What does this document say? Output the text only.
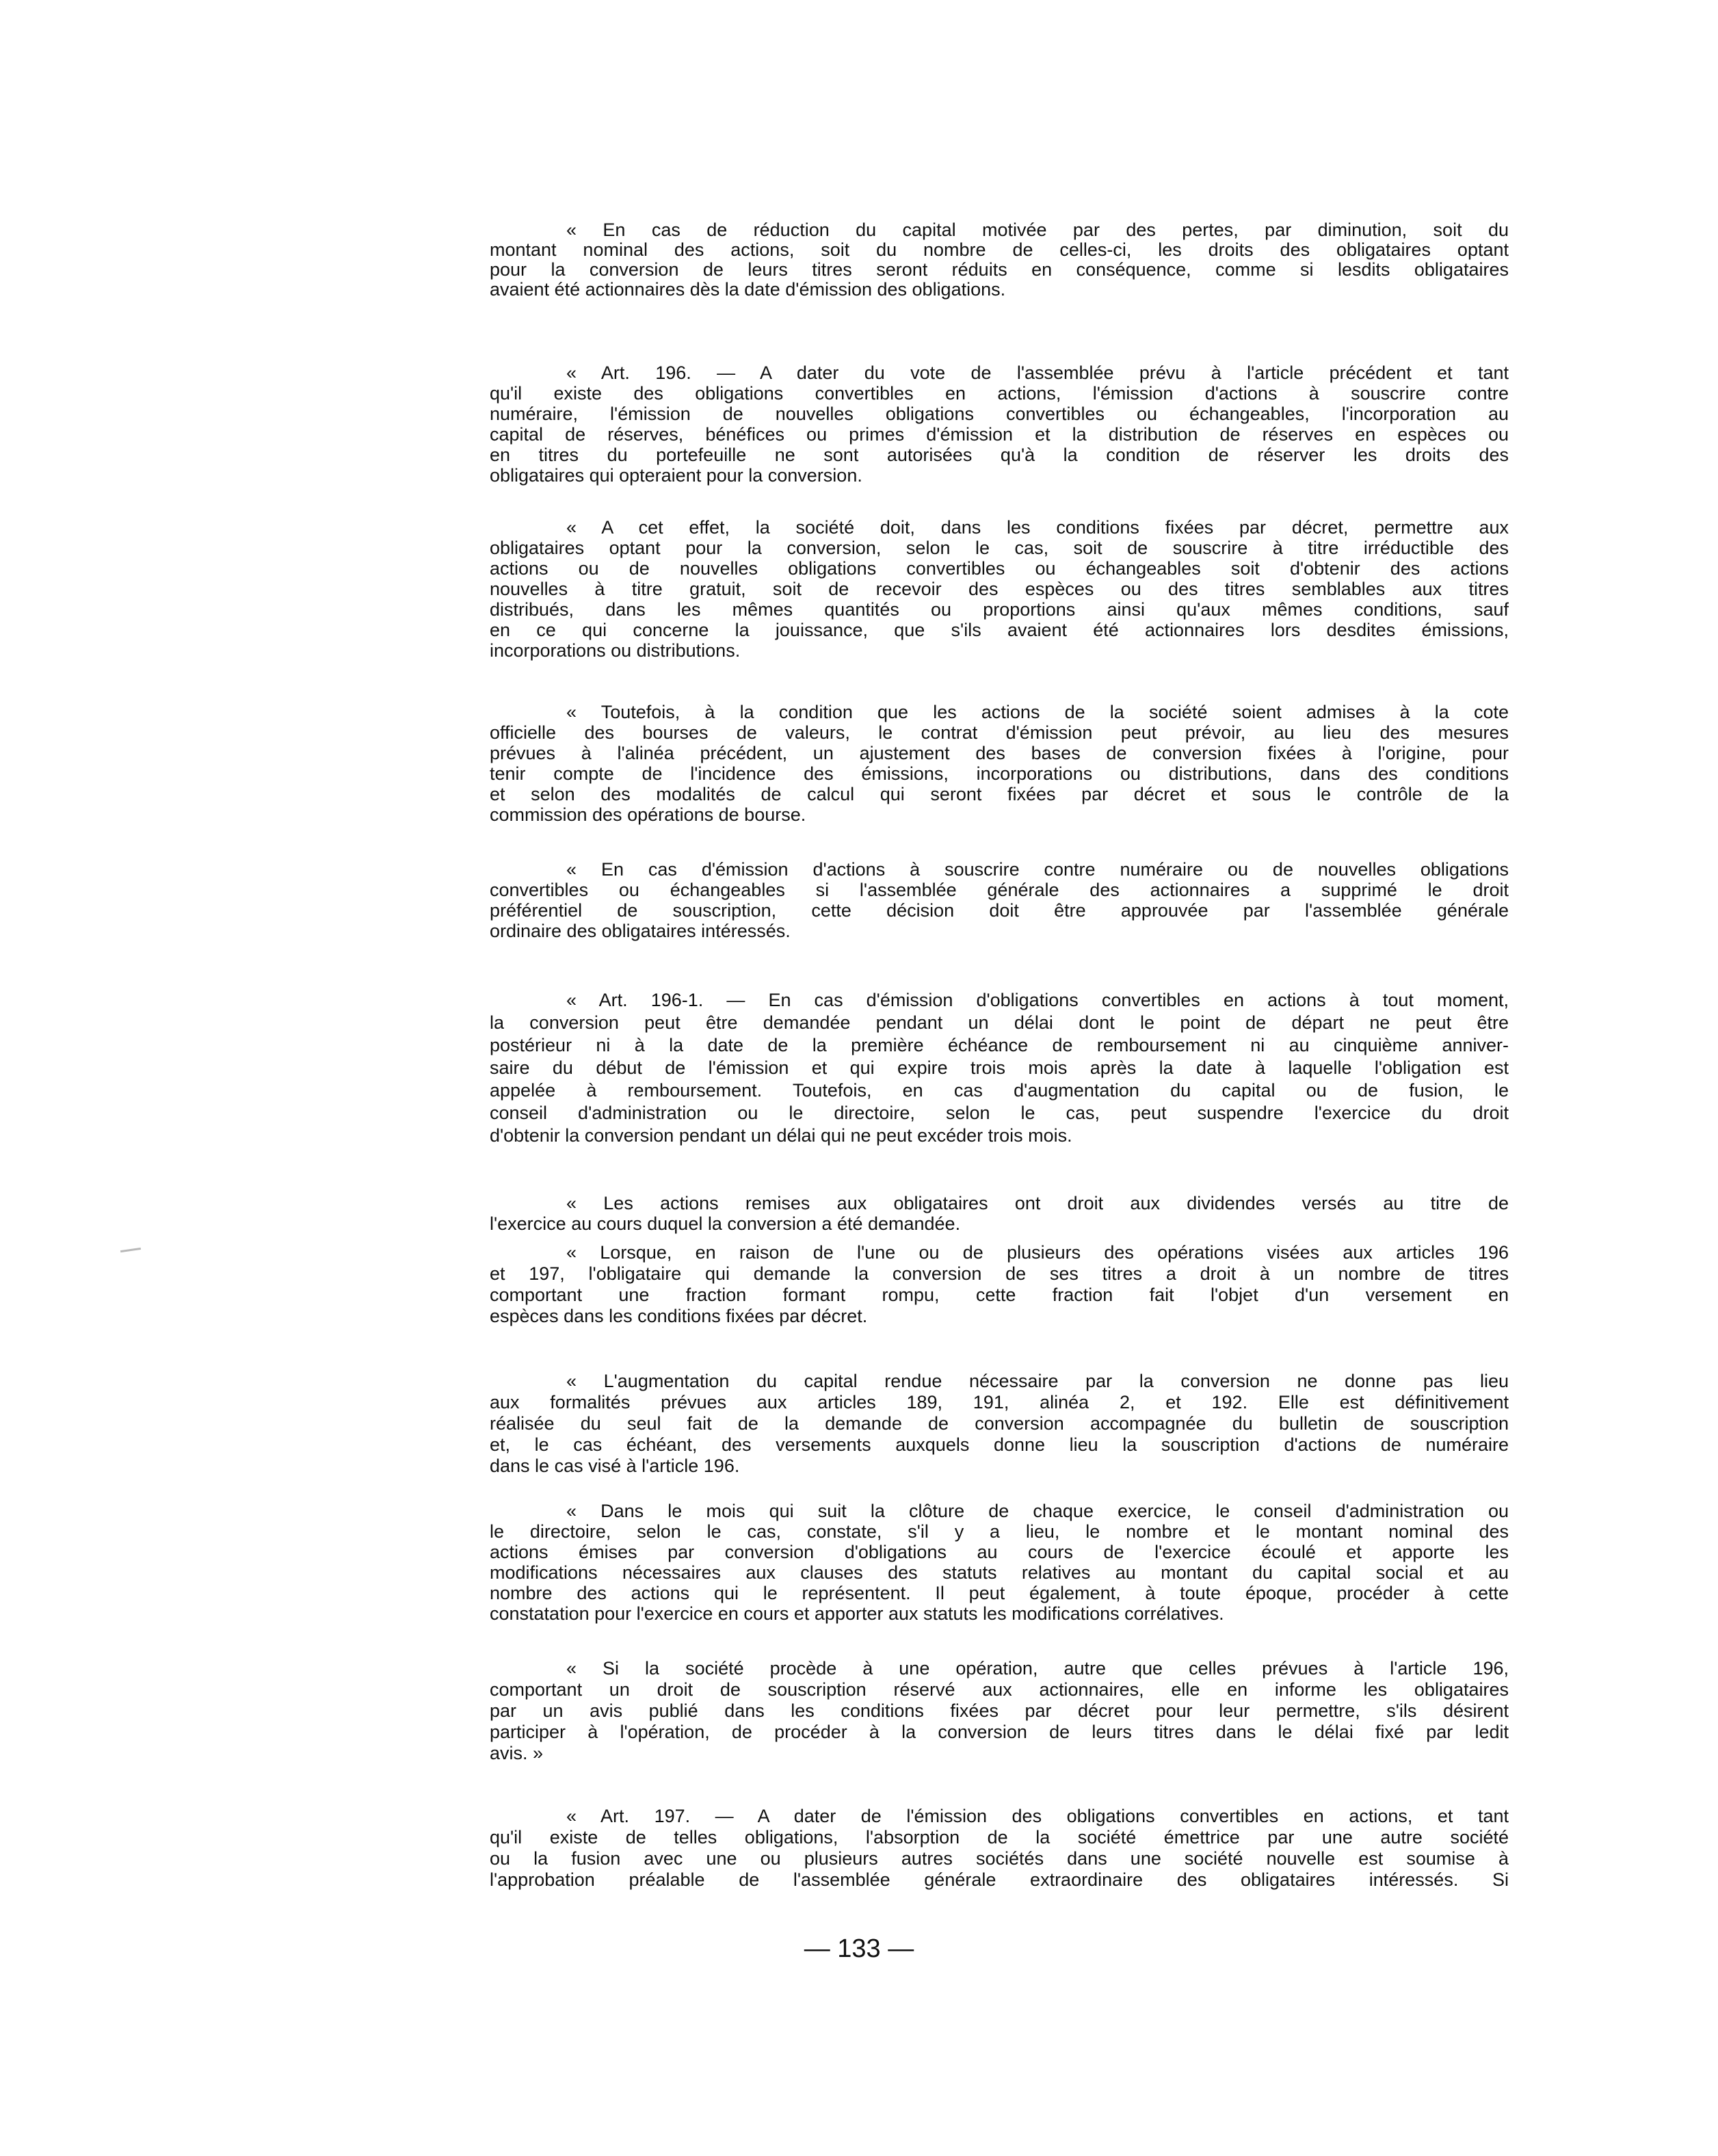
« En cas de réduction du capital motivée par des pertes, par diminution, soit du
montant nominal des actions, soit du nombre de celles-ci, les droits des obligataires optant
pour la conversion de leurs titres seront réduits en conséquence, comme si lesdits obligataires
avaient été actionnaires dès la date d'émission des obligations.
« Art. 196. — A dater du vote de l'assemblée prévu à l'article précédent et tant
qu'il existe des obligations convertibles en actions, l'émission d'actions à souscrire contre
numéraire, l'émission de nouvelles obligations convertibles ou échangeables, l'incorporation au
capital de réserves, bénéfices ou primes d'émission et la distribution de réserves en espèces ou
en titres du portefeuille ne sont autorisées qu'à la condition de réserver les droits des
obligataires qui opteraient pour la conversion.
« A cet effet, la société doit, dans les conditions fixées par décret, permettre aux
obligataires optant pour la conversion, selon le cas, soit de souscrire à titre irréductible des
actions ou de nouvelles obligations convertibles ou échangeables soit d'obtenir des actions
nouvelles à titre gratuit, soit de recevoir des espèces ou des titres semblables aux titres
distribués, dans les mêmes quantités ou proportions ainsi qu'aux mêmes conditions, sauf
en ce qui concerne la jouissance, que s'ils avaient été actionnaires lors desdites émissions,
incorporations ou distributions.
« Toutefois, à la condition que les actions de la société soient admises à la cote
officielle des bourses de valeurs, le contrat d'émission peut prévoir, au lieu des mesures
prévues à l'alinéa précédent, un ajustement des bases de conversion fixées à l'origine, pour
tenir compte de l'incidence des émissions, incorporations ou distributions, dans des conditions
et selon des modalités de calcul qui seront fixées par décret et sous le contrôle de la
commission des opérations de bourse.
« En cas d'émission d'actions à souscrire contre numéraire ou de nouvelles obligations
convertibles ou échangeables si l'assemblée générale des actionnaires a supprimé le droit
préférentiel de souscription, cette décision doit être approuvée par l'assemblée générale
ordinaire des obligataires intéressés.
« Art. 196-1. — En cas d'émission d'obligations convertibles en actions à tout moment,
la conversion peut être demandée pendant un délai dont le point de départ ne peut être
postérieur ni à la date de la première échéance de remboursement ni au cinquième anniver-
saire du début de l'émission et qui expire trois mois après la date à laquelle l'obligation est
appelée à remboursement. Toutefois, en cas d'augmentation du capital ou de fusion, le
conseil d'administration ou le directoire, selon le cas, peut suspendre l'exercice du droit
d'obtenir la conversion pendant un délai qui ne peut excéder trois mois.
« Les actions remises aux obligataires ont droit aux dividendes versés au titre de
l'exercice au cours duquel la conversion a été demandée.
« Lorsque, en raison de l'une ou de plusieurs des opérations visées aux articles 196
et 197, l'obligataire qui demande la conversion de ses titres a droit à un nombre de titres
comportant une fraction formant rompu, cette fraction fait l'objet d'un versement en
espèces dans les conditions fixées par décret.
« L'augmentation du capital rendue nécessaire par la conversion ne donne pas lieu
aux formalités prévues aux articles 189, 191, alinéa 2, et 192. Elle est définitivement
réalisée du seul fait de la demande de conversion accompagnée du bulletin de souscription
et, le cas échéant, des versements auxquels donne lieu la souscription d'actions de numéraire
dans le cas visé à l'article 196.
« Dans le mois qui suit la clôture de chaque exercice, le conseil d'administration ou
le directoire, selon le cas, constate, s'il y a lieu, le nombre et le montant nominal des
actions émises par conversion d'obligations au cours de l'exercice écoulé et apporte les
modifications nécessaires aux clauses des statuts relatives au montant du capital social et au
nombre des actions qui le représentent. Il peut également, à toute époque, procéder à cette
constatation pour l'exercice en cours et apporter aux statuts les modifications corrélatives.
« Si la société procède à une opération, autre que celles prévues à l'article 196,
comportant un droit de souscription réservé aux actionnaires, elle en informe les obligataires
par un avis publié dans les conditions fixées par décret pour leur permettre, s'ils désirent
participer à l'opération, de procéder à la conversion de leurs titres dans le délai fixé par ledit
avis. »
« Art. 197. — A dater de l'émission des obligations convertibles en actions, et tant
qu'il existe de telles obligations, l'absorption de la société émettrice par une autre société
ou la fusion avec une ou plusieurs autres sociétés dans une société nouvelle est soumise à
l'approbation préalable de l'assemblée générale extraordinaire des obligataires intéressés. Si
— 133 —
